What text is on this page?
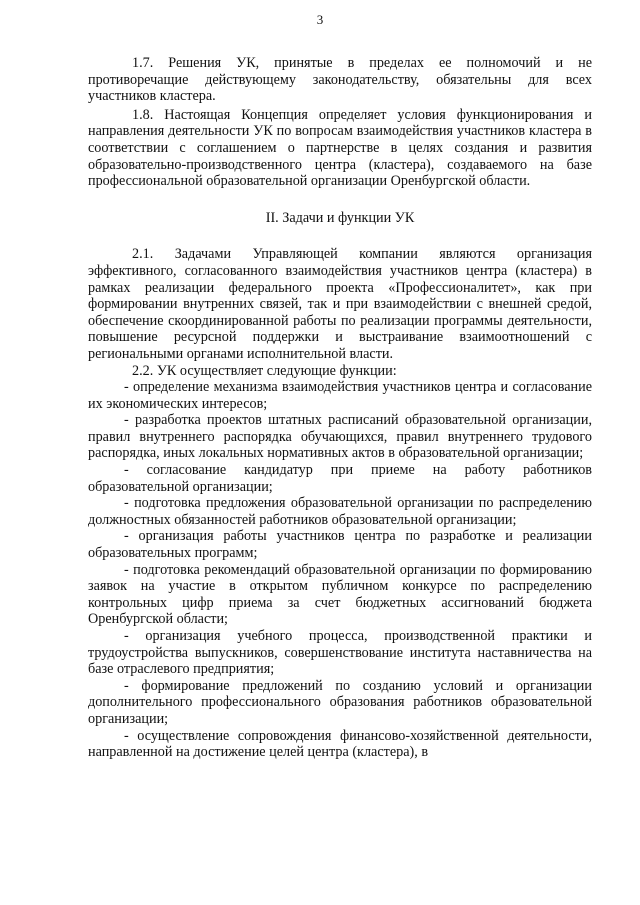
3

1.7. Решения УК, принятые в пределах ее полномочий и не противоречащие действующему законодательству, обязательны для всех участников кластера.

1.8. Настоящая Концепция определяет условия функционирования и направления деятельности УК по вопросам взаимодействия участников кластера в соответствии с соглашением о партнерстве в целях создания и развития образовательно-производственного центра (кластера), создаваемого на базе профессиональной образовательной организации Оренбургской области.

II. Задачи и функции УК

2.1. Задачами Управляющей компании являются организация эффективного, согласованного взаимодействия участников центра (кластера) в рамках реализации федерального проекта «Профессионалитет», как при формировании внутренних связей, так и при взаимодействии с внешней средой, обеспечение скоординированной работы по реализации программы деятельности, повышение ресурсной поддержки и выстраивание взаимоотношений с региональными органами исполнительной власти.

2.2. УК осуществляет следующие функции:

- определение механизма взаимодействия участников центра и согласование их экономических интересов;

- разработка проектов штатных расписаний образовательной организации, правил внутреннего распорядка обучающихся, правил внутреннего трудового распорядка, иных локальных нормативных актов в образовательной организации;

- согласование кандидатур при приеме на работу работников образовательной организации;

- подготовка предложения образовательной организации по распределению должностных обязанностей работников образовательной организации;

- организация работы участников центра по разработке и реализации образовательных программ;

- подготовка рекомендаций образовательной организации по формированию заявок на участие в открытом публичном конкурсе по распределению контрольных цифр приема за счет бюджетных ассигнований бюджета Оренбургской области;

- организация учебного процесса, производственной практики и трудоустройства выпускников, совершенствование института наставничества на базе отраслевого предприятия;

- формирование предложений по созданию условий и организации дополнительного профессионального образования работников образовательной организации;

- осуществление сопровождения финансово-хозяйственной деятельности, направленной на достижение целей центра (кластера), в
